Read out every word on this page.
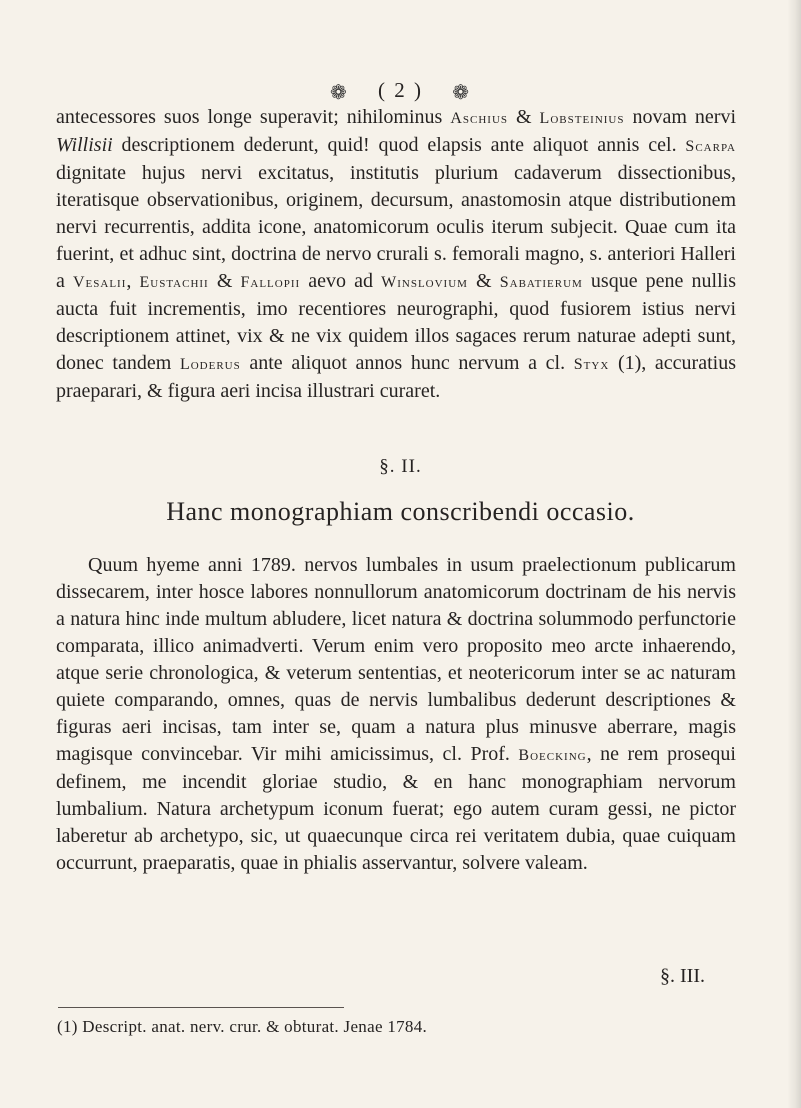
❁ ( 2 ) ❁
antecessores suos longe superavit; nihilominus Aschius & Lobsteinius novam nervi Willisii descriptionem dederunt, quid! quod elapsis ante aliquot annis cel. Scarpa dignitate hujus nervi excitatus, institutis plurium cadaverum dissectionibus, iteratisque observationibus, originem, decursum, anastomosin atque distributionem nervi recurrentis, addita icone, anatomicorum oculis iterum subjecit. Quae cum ita fuerint, et adhuc sint, doctrina de nervo crurali s. femorali magno, s. anteriori Halleri a Vesalii, Eustachii & Fallopii aevo ad Winslovium & Sabatierum usque pene nullis aucta fuit incrementis, imo recentiores neurographi, quod fusiorem istius nervi descriptionem attinet, vix & ne vix quidem illos sagaces rerum naturae adepti sunt, donec tandem Loderus ante aliquot annos hunc nervum a cl. Styx (1), accuratius praeparari, & figura aeri incisa illustrari curaret.
§. II.
Hanc monographiam conscribendi occasio.
Quum hyeme anni 1789. nervos lumbales in usum praelectionum publicarum dissecarem, inter hosce labores nonnullorum anatomicorum doctrinam de his nervis a natura hinc inde multum abludere, licet natura & doctrina solummodo perfunctorie comparata, illico animadverti. Verum enim vero proposito meo arcte inhaerendo, atque serie chronologica, & veterum sententias, et neotericorum inter se ac naturam quiete comparando, omnes, quas de nervis lumbalibus dederunt descriptiones & figuras aeri incisas, tam inter se, quam a natura plus minusve aberrare, magis magisque convincebar. Vir mihi amicissimus, cl. Prof. Boecking, ne rem prosequi definem, me incendit gloriae studio, & en hanc monographiam nervorum lumbalium. Natura archetypum iconum fuerat; ego autem curam gessi, ne pictor laberetur ab archetypo, sic, ut quaecunque circa rei veritatem dubia, quae cuiquam occurrunt, praeparatis, quae in phialis asservantur, solvere valeam.
§. III.
(1) Descript. anat. nerv. crur. & obturat. Jenae 1784.
